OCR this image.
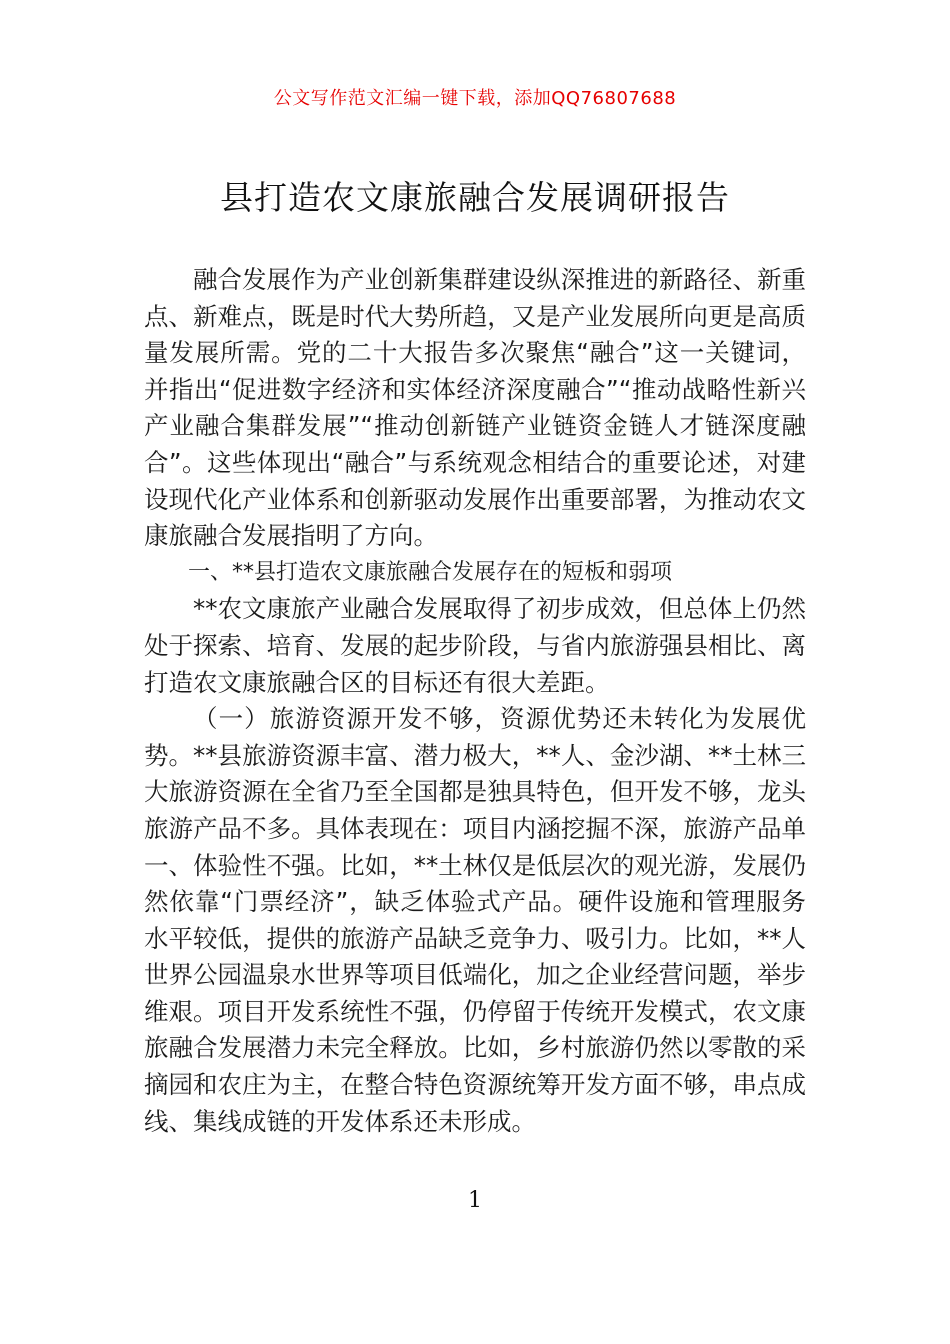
公文写作范文汇编一键下载，添加QQ76807688
县打造农文康旅融合发展调研报告

融合发展作为产业创新集群建设纵深推进的新路径、新重点、新难点，既是时代大势所趋，又是产业发展所向更是高质量发展所需。党的二十大报告多次聚焦“融合”这一关键词，并指出“促进数字经济和实体经济深度融合”“推动战略性新兴产业融合集群发展”“推动创新链产业链资金链人才链深度融合”。这些体现出“融合”与系统观念相结合的重要论述，对建设现代化产业体系和创新驱动发展作出重要部署，为推动农文康旅融合发展指明了方向。

一、**县打造农文康旅融合发展存在的短板和弱项

**农文康旅产业融合发展取得了初步成效，但总体上仍然处于探索、培育、发展的起步阶段，与省内旅游强县相比、离打造农文康旅融合区的目标还有很大差距。

（一）旅游资源开发不够，资源优势还未转化为发展优势。**县旅游资源丰富、潜力极大，**人、金沙湖、**土林三大旅游资源在全省乃至全国都是独具特色，但开发不够，龙头旅游产品不多。具体表现在：项目内涵挖掘不深，旅游产品单一、体验性不强。比如，**土林仅是低层次的观光游，发展仍然依靠“门票经济”，缺乏体验式产品。硬件设施和管理服务水平较低，提供的旅游产品缺乏竞争力、吸引力。比如，**人世界公园温泉水世界等项目低端化，加之企业经营问题，举步维艰。项目开发系统性不强，仍停留于传统开发模式，农文康旅融合发展潜力未完全释放。比如，乡村旅游仍然以零散的采摘园和农庄为主，在整合特色资源统筹开发方面不够，串点成线、集线成链的开发体系还未形成。

1
